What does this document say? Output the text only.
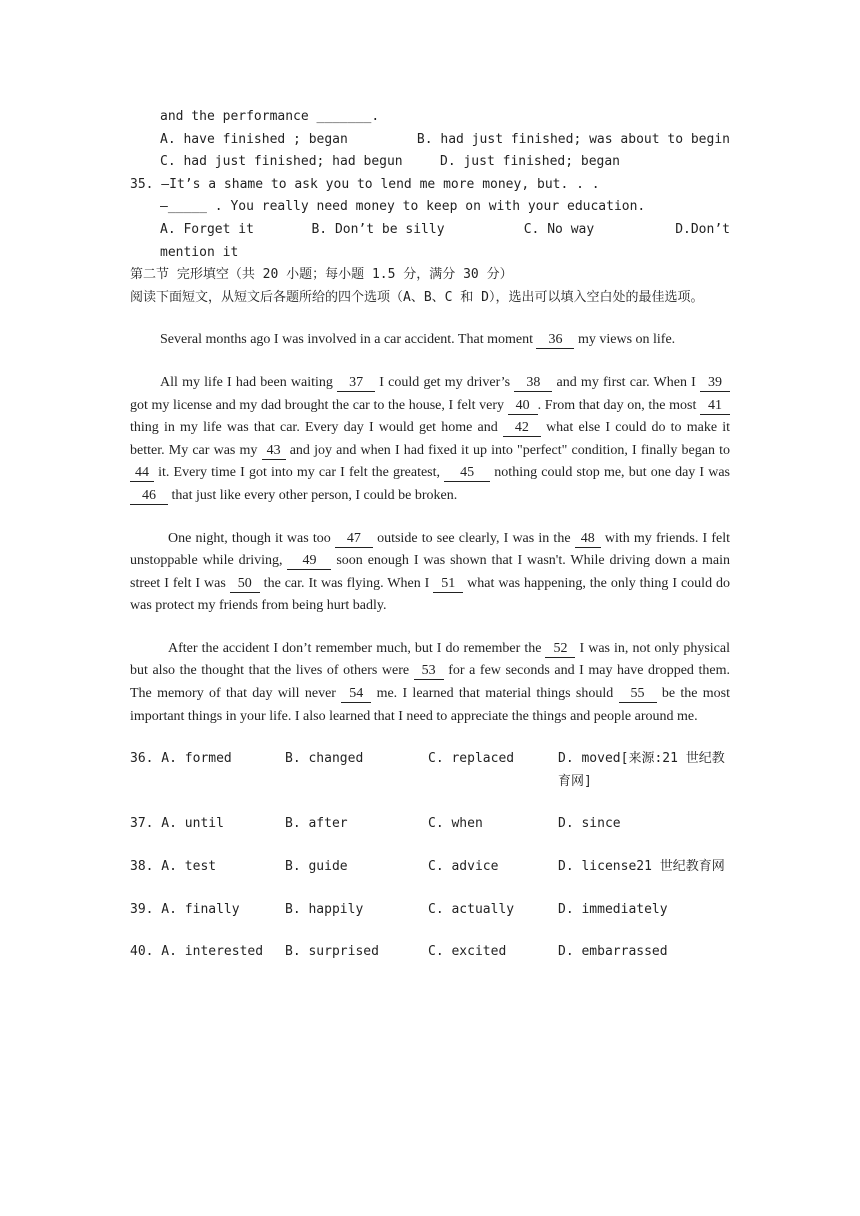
and the performance _______.
A. have finished ; began	B. had just finished; was about to begin
C. had just finished; had begun	D. just finished; began
35. —It’s a shame to ask you to lend me more money, but. . .
—_____ . You really need money to keep on with your education.
A. Forget it	B. Don’t be silly	C. No way	D.Don’t
mention it
第二节 完形填空（共 20 小题；每小题 1.5 分，满分 30 分）
阅读下面短文，从短文后各题所给的四个选项（A、B、C 和 D），选出可以填入空白处的最佳选项。
Several months ago I was involved in a car accident. That moment 36 my views on life.
All my life I had been waiting 37 I could get my driver’s 38 and my first car. When I 39 got my license and my dad brought the car to the house, I felt very 40 . From that day on, the most 41 thing in my life was that car. Every day I would get home and 42 what else I could do to make it better. My car was my 43 and joy and when I had fixed it up into "perfect" condition, I finally began to 44 it. Every time I got into my car I felt the greatest, 45 nothing could stop me, but one day I was 46 that just like every other person, I could be broken.
One night, though it was too 47 outside to see clearly, I was in the 48 with my friends. I felt unstoppable while driving, 49 soon enough I was shown that I wasn't. While driving down a main street I felt I was 50 the car. It was flying. When I 51 what was happening, the only thing I could do was protect my friends from being hurt badly.
After the accident I don’t remember much, but I do remember the 52 I was in, not only physical but also the thought that the lives of others were 53 for a few seconds and I may have dropped them. The memory of that day will never 54 me. I learned that material things should 55 be the most important things in your life. I also learned that I need to appreciate the things and people around me.
36. A. formed	B. changed	C. replaced	D. moved[来源:21 世纪教育网]
37. A. until	B. after	C. when	D. since
38. A. test	B. guide	C. advice	D. license21 世纪教育网
39. A. finally	B. happily	C. actually	D. immediately
40. A. interested	B. surprised	C. excited	D. embarrassed
